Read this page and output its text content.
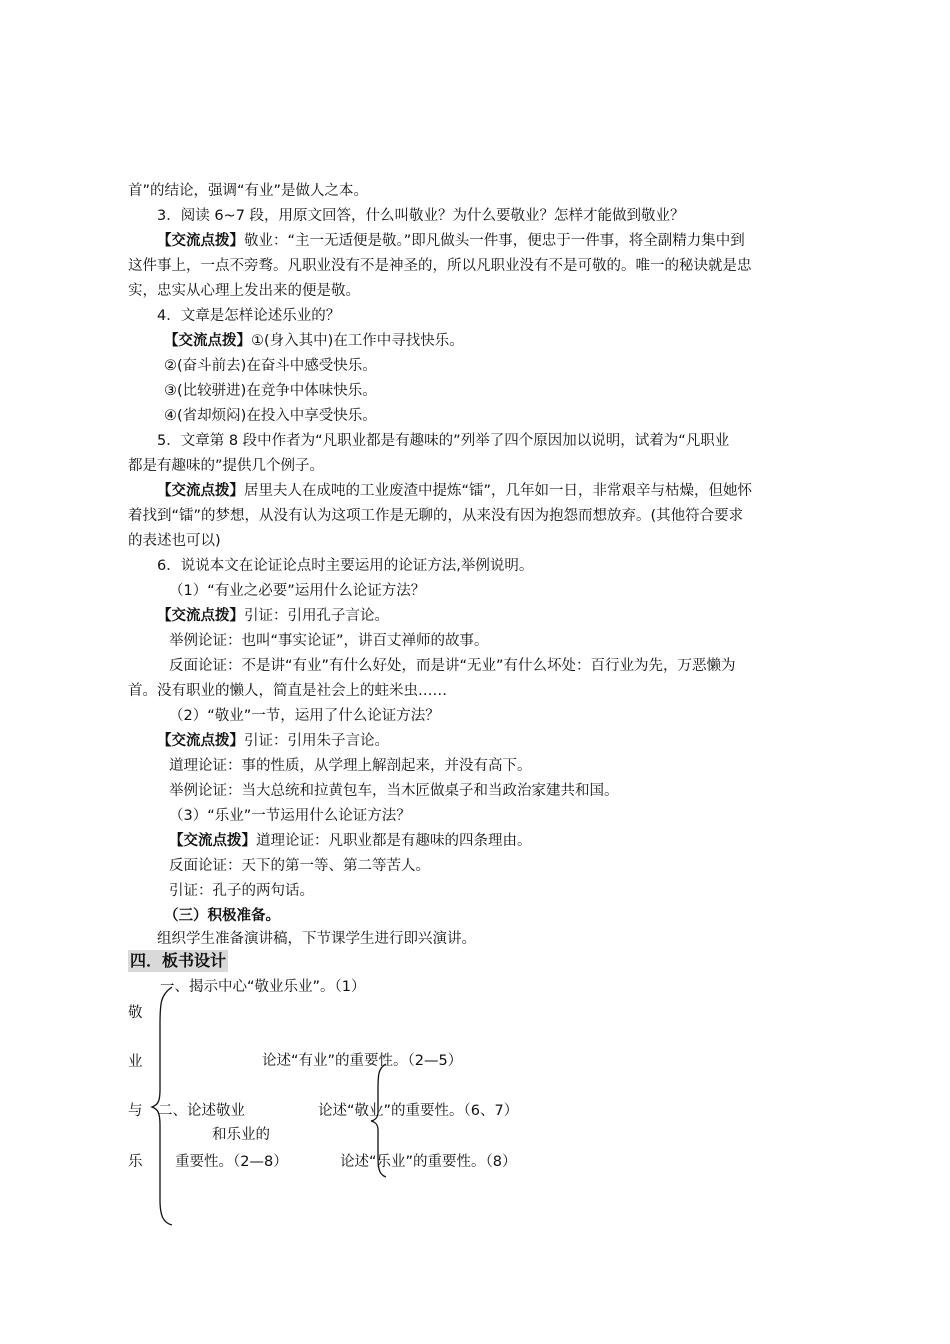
首”的结论，强调“有业”是做人之本。
3．阅读 6~7 段，用原文回答，什么叫敬业？为什么要敬业？怎样才能做到敬业？
【交流点拨】敬业：“主一无适便是敬。”即凡做头一件事，便忠于一件事，将全副精力集中到
这件事上，一点不旁骛。凡职业没有不是神圣的，所以凡职业没有不是可敬的。唯一的秘诀就是忠
实，忠实从心理上发出来的便是敬。
4．文章是怎样论述乐业的？
【交流点拨】①(身入其中)在工作中寻找快乐。
②(奋斗前去)在奋斗中感受快乐。
③(比较骈进)在竞争中体味快乐。
④(省却烦闷)在投入中享受快乐。
5．文章第 8 段中作者为“凡职业都是有趣味的”列举了四个原因加以说明，试着为“凡职业
都是有趣味的”提供几个例子。
【交流点拨】居里夫人在成吨的工业废渣中提炼“镭”，几年如一日，非常艰辛与枯燥，但她怀
着找到“镭”的梦想，从没有认为这项工作是无聊的，从来没有因为抱怨而想放弃。(其他符合要求
的表述也可以)
6．说说本文在论证论点时主要运用的论证方法,举例说明。
（1）“有业之必要”运用什么论证方法？
【交流点拨】引证：引用孔子言论。
举例论证：也叫“事实论证”，讲百丈禅师的故事。
反面论证：不是讲“有业”有什么好处，而是讲“无业”有什么坏处：百行业为先，万恶懒为
首。没有职业的懒人，简直是社会上的蛀米虫……
（2）“敬业”一节，运用了什么论证方法？
【交流点拨】引证：引用朱子言论。
道理论证：事的性质，从学理上解剖起来，并没有高下。
举例论证：当大总统和拉黄包车，当木匠做桌子和当政治家建共和国。
（3）“乐业”一节运用什么论证方法？
【交流点拨】道理论证：凡职业都是有趣味的四条理由。
反面论证：天下的第一等、第二等苦人。
引证：孔子的两句话。
（三）积极准备。
组织学生准备演讲稿，下节课学生进行即兴演讲。
四．板书设计
一、揭示中心“敬业乐业”。（1）
敬
业
与
乐
论述“有业”的重要性。（2—5）
二、论述敬业
和乐业的
重要性。（2—8）
论述“敬业”的重要性。（6、7）
论述“乐业”的重要性。（8）
